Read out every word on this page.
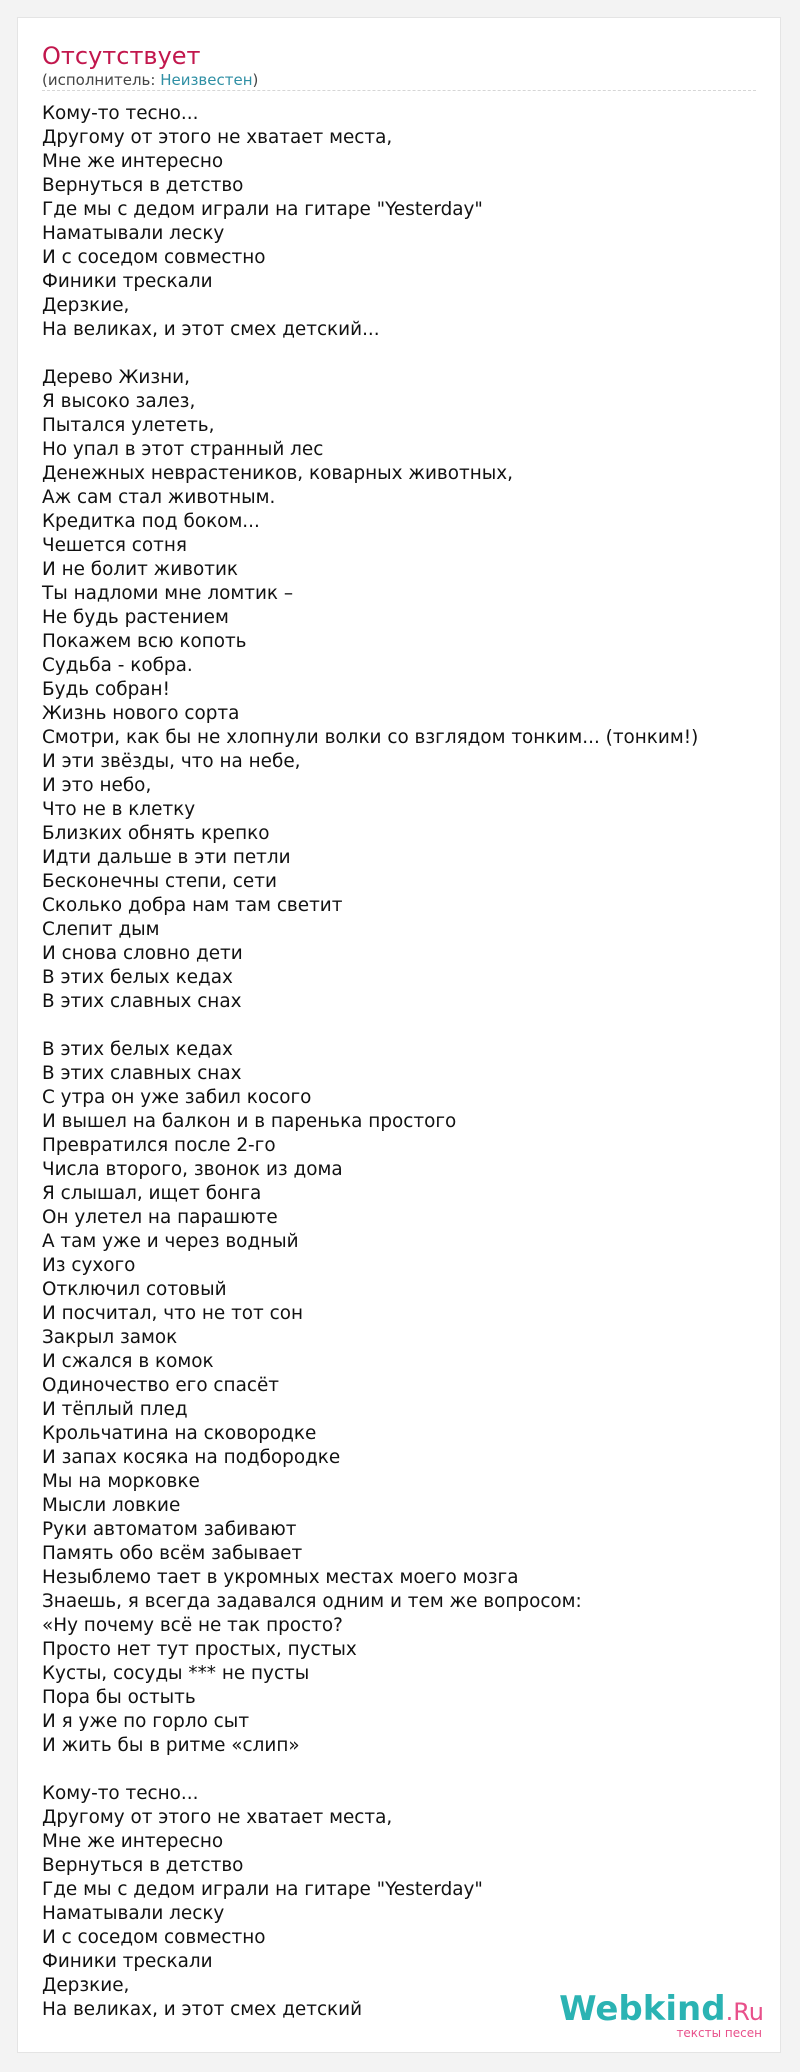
Отсутствует
(исполнитель: Неизвестен)
Кому-то тесно...
Другому от этого не хватает места,
Мне же интересно
Вернуться в детство
Где мы с дедом играли на гитаре "Yesterday"
Наматывали леску
И с соседом совместно
Финики трескали
Дерзкие,
На великах, и этот смех детский...
Дерево Жизни,
Я высоко залез,
Пытался улететь,
Но упал в этот странный лес
Денежных неврастеников, коварных животных,
Аж сам стал животным.
Кредитка под боком...
Чешется сотня
И не болит животик
Ты надломи мне ломтик –
Не будь растением
Покажем всю копоть
Судьба - кобра.
Будь собран!
Жизнь нового сорта
Смотри, как бы не хлопнули волки со взглядом тонким... (тонким!)
И эти звёзды, что на небе,
И это небо,
Что не в клетку
Близких обнять крепко
Идти дальше в эти петли
Бесконечны степи, сети
Сколько добра нам там светит
Слепит дым
И снова словно дети
В этих белых кедах
В этих славных снах
В этих белых кедах
В этих славных снах
С утра он уже забил косого
И вышел на балкон и в паренька простого
Превратился после 2-го
Числа второго, звонок из дома
Я слышал, ищет бонга
Он улетел на парашюте
А там уже и через водный
Из сухого
Отключил сотовый
И посчитал, что не тот сон
Закрыл замок
И сжался в комок
Одиночество его спасёт
И тёплый плед
Крольчатина на сковородке
И запах косяка на подбородке
Мы на морковке
Мысли ловкие
Руки автоматом забивают
Память обо всём забывает
Незыблемо тает в укромных местах моего мозга
Знаешь, я всегда задавался одним и тем же вопросом:
«Ну почему всё не так просто?
Просто нет тут простых, пустых
Кусты, сосуды *** не пусты
Пора бы остыть
И я уже по горло сыт
И жить бы в ритме «слип»
Кому-то тесно...
Другому от этого не хватает места,
Мне же интересно
Вернуться в детство
Где мы с дедом играли на гитаре "Yesterday"
Наматывали леску
И с соседом совместно
Финики трескали
Дерзкие,
На великах, и этот смех детский	Webkind.Ru
тексты песен
